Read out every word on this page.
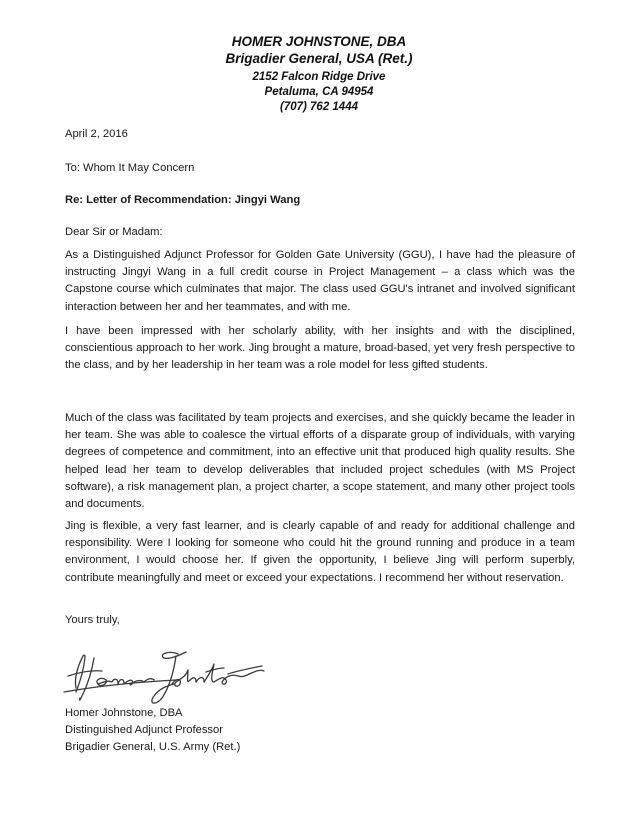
HOMER JOHNSTONE, DBA
Brigadier General, USA (Ret.)
2152 Falcon Ridge Drive
Petaluma, CA 94954
(707) 762 1444
April 2, 2016
To: Whom It May Concern
Re: Letter of Recommendation: Jingyi Wang
Dear Sir or Madam:
As a Distinguished Adjunct Professor for Golden Gate University (GGU), I have had the pleasure of instructing Jingyi Wang in a full credit course in Project Management – a class which was the Capstone course which culminates that major. The class used GGU's intranet and involved significant interaction between her and her teammates, and with me.
I have been impressed with her scholarly ability, with her insights and with the disciplined, conscientious approach to her work. Jing brought a mature, broad-based, yet very fresh perspective to the class, and by her leadership in her team was a role model for less gifted students.
Much of the class was facilitated by team projects and exercises, and she quickly became the leader in her team. She was able to coalesce the virtual efforts of a disparate group of individuals, with varying degrees of competence and commitment, into an effective unit that produced high quality results. She helped lead her team to develop deliverables that included project schedules (with MS Project software), a risk management plan, a project charter, a scope statement, and many other project tools and documents.
Jing is flexible, a very fast learner, and is clearly capable of and ready for additional challenge and responsibility. Were I looking for someone who could hit the ground running and produce in a team environment, I would choose her. If given the opportunity, I believe Jing will perform superbly, contribute meaningfully and meet or exceed your expectations. I recommend her without reservation.
Yours truly,
Homer Johnstone, DBA
Distinguished Adjunct Professor
Brigadier General, U.S. Army (Ret.)
